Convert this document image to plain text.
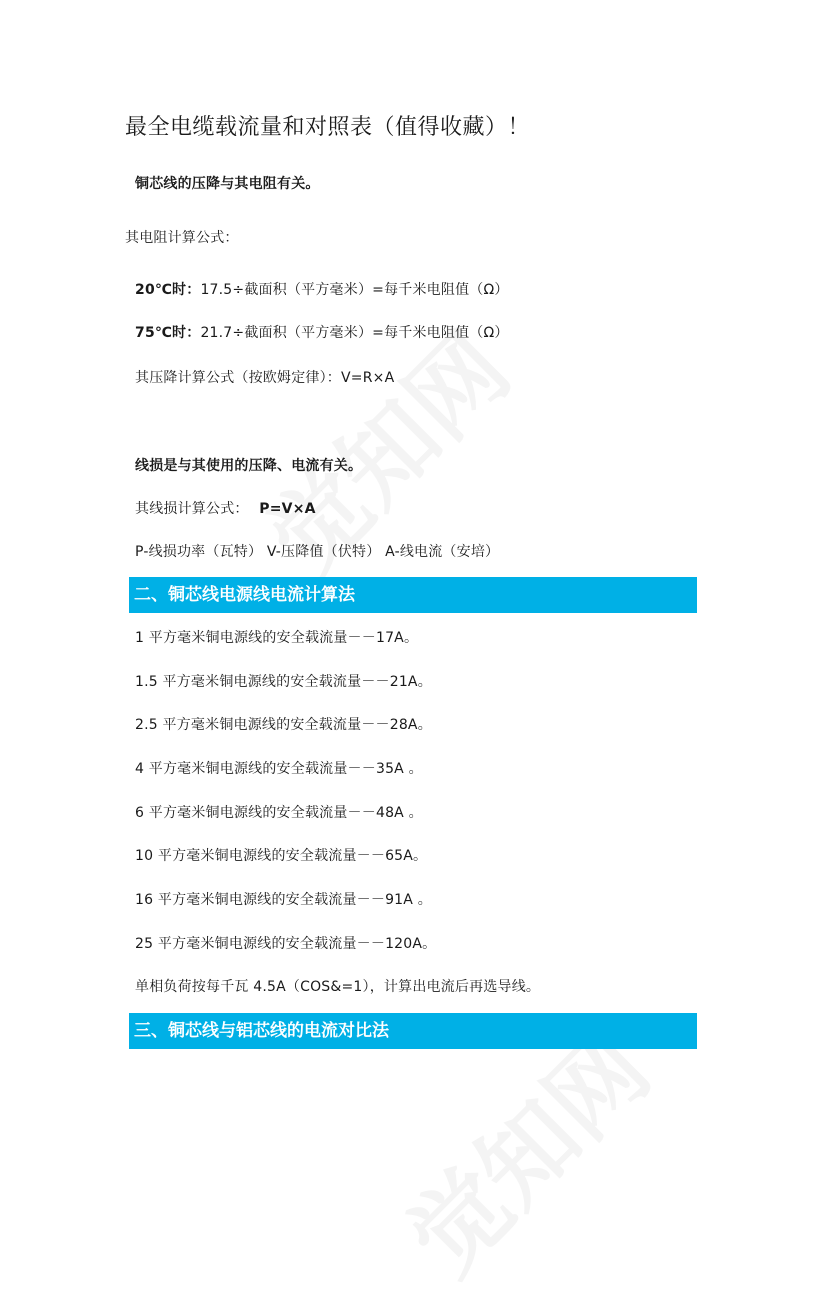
最全电缆载流量和对照表（值得收藏）！
铜芯线的压降与其电阻有关。
其电阻计算公式：
20℃时：17.5÷截面积（平方毫米）=每千米电阻值（Ω）
75℃时：21.7÷截面积（平方毫米）=每千米电阻值（Ω）
其压降计算公式（按欧姆定律）：V=R×A
线损是与其使用的压降、电流有关。
其线损计算公式： P=V×A
P-线损功率（瓦特） V-压降值（伏特） A-线电流（安培）
二、铜芯线电源线电流计算法
1 平方毫米铜电源线的安全载流量－－17A。
1.5 平方毫米铜电源线的安全载流量－－21A。
2.5 平方毫米铜电源线的安全载流量－－28A。
4 平方毫米铜电源线的安全载流量－－35A 。
6 平方毫米铜电源线的安全载流量－－48A 。
10 平方毫米铜电源线的安全载流量－－65A。
16 平方毫米铜电源线的安全载流量－－91A 。
25 平方毫米铜电源线的安全载流量－－120A。
单相负荷按每千瓦 4.5A（COS&=1），计算出电流后再选导线。
三、铜芯线与铝芯线的电流对比法
